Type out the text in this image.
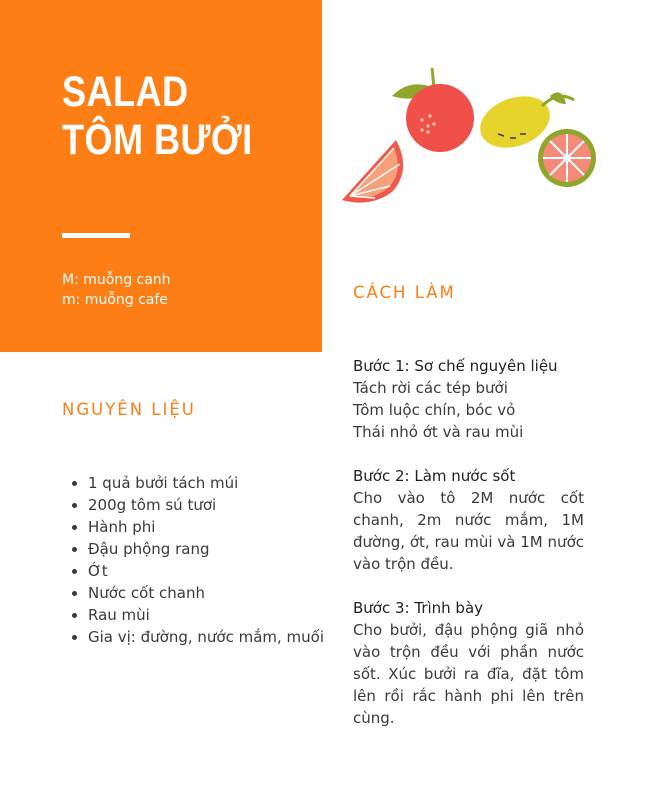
SALAD
TÔM BƯỞI
M: muỗng canh
m: muỗng cafe
NGUYÊN LIỆU
• 1 quả bưởi tách múi
• 200g tôm sú tươi
• Hành phi
• Đậu phộng rang
• Ớt
• Nước cốt chanh
• Rau mùi
• Gia vị: đường, nước mắm, muối
CÁCH LÀM
Bước 1: Sơ chế nguyên liệu
Tách rời các tép bưởi
Tôm luộc chín, bóc vỏ
Thái nhỏ ớt và rau mùi
Bước 2: Làm nước sốt
Cho vào tô 2M nước cốt chanh, 2m nước mắm, 1M đường, ớt, rau mùi và 1M nước vào trộn đều.
Bước 3: Trình bày
Cho bưởi, đậu phộng giã nhỏ vào trộn đều với phần nước sốt. Xúc bưởi ra đĩa, đặt tôm lên rồi rắc hành phi lên trên cùng.
